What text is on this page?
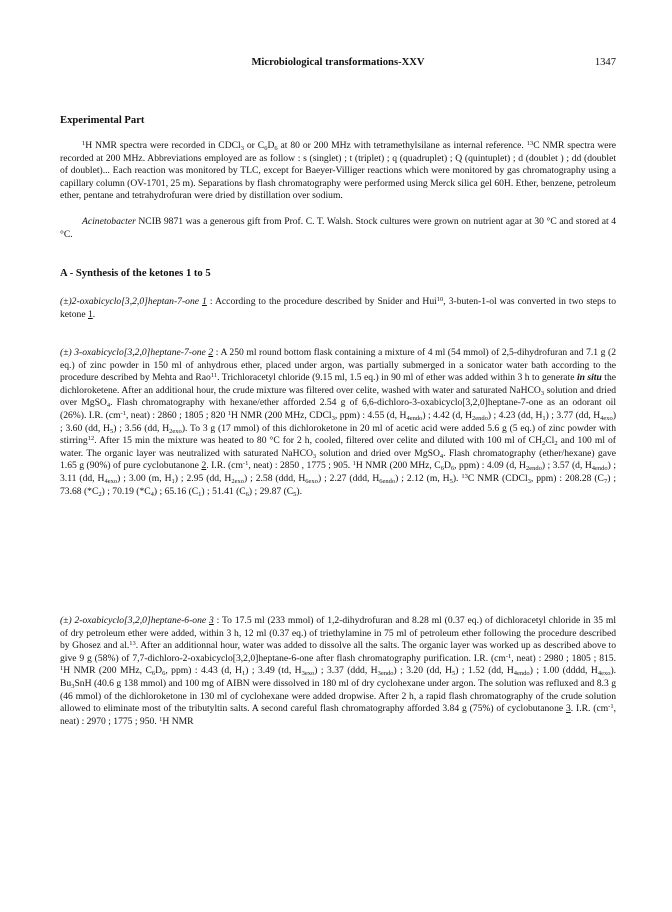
Microbiological transformations-XXV	1347
Experimental Part
$^1$H NMR spectra were recorded in CDCl$_3$ or $C_6D_6$ at 80 or 200 MHz with tetramethylsilane as internal reference. $^{13}$C NMR spectra were recorded at 200 MHz. Abbreviations employed are as follow : s (singlet) ; t (triplet) ; q (quadruplet) ; Q (quintuplet) ; d (doublet ) ; dd (doublet of doublet)... Each reaction was monitored by TLC, except for Baeyer-Villiger reactions which were monitored by gas chromatography using a capillary column (OV-1701, 25 m). Separations by flash chromatography were performed using Merck silica gel 60H. Ether, benzene, petroleum ether, pentane and tetrahydrofuran were dried by distillation over sodium.
Acinetobacter NCIB 9871 was a generous gift from Prof. C. T. Walsh. Stock cultures were grown on nutrient agar at 30 °C and stored at 4 °C.
A - Synthesis of the ketones 1 to 5
(±)2-oxabicyclo[3,2,0]heptan-7-one 1 : According to the procedure described by Snider and Hui$^{10}$, 3-buten-1-ol was converted in two steps to ketone 1.
(±) 3-oxabicyclo[3,2,0]heptane-7-one 2 : A 250 ml round bottom flask containing a mixture of 4 ml (54 mmol) of 2,5-dihydrofuran and 7.1 g (2 eq.) of zinc powder in 150 ml of anhydrous ether, placed under argon, was partially submerged in a sonicator water bath according to the procedure described by Mehta and Rao$^{11}$. Trichloracetyl chloride (9.15 ml, 1.5 eq.) in 90 ml of ether was added within 3 h to generate in situ the dichloroketene. After an additional hour, the crude mixture was filtered over celite, washed with water and saturated NaHCO$_3$ solution and dried over MgSO$_4$. Flash chromatography with hexane/ether afforded 2.54 g of 6,6-dichloro-3-oxabicyclo[3,2,0]heptane-7-one as an odorant oil (26%). I.R. ($cm^{-1}$, neat) : 2860 ; 1805 ; 820 $^1$H NMR (200 MHz, CDCl$_3$, ppm) : 4.55 (d, $H_{4endo}$) ; 4.42 (d, $H_{2endo}$) ; 4.23 (dd, $H_1$) ; 3.77 (dd, $H_{4exo}$) ; 3.60 (dd, $H_5$) ; 3.56 (dd, $H_{2exo}$). To 3 g (17 mmol) of this dichloroketone in 20 ml of acetic acid were added 5.6 g (5 eq.) of zinc powder with stirring$^{12}$. After 15 min the mixture was heated to 80 °C for 2 h, cooled, filtered over celite and diluted with 100 ml of $CH_2Cl_2$ and 100 ml of water. The organic layer was neutralized with saturated NaHCO$_3$ solution and dried over MgSO$_4$. Flash chromatography (ether/hexane) gave 1.65 g (90%) of pure cyclobutanone 2. I.R. ($cm^{-1}$, neat) : 2850 , 1775 ; 905. $^1$H NMR (200 MHz, $C_6D_6$, ppm) : 4.09 (d, $H_{2endo}$) ; 3.57 (d, $H_{4endo}$) ; 3.11 (dd, $H_{4exo}$) ; 3.00 (m, $H_1$) ; 2.95 (dd, $H_{2exo}$) ; 2.58 (ddd, $H_{6exo}$) ; 2.27 (ddd, $H_{6endo}$) ; 2.12 (m, $H_5$). $^{13}$C NMR (CDCl$_3$, ppm) : 208.28 $(C_7)$ ; 73.68 $(*C_2)$ ; 70.19 $(*C_4)$ ; 65.16 $(C_1)$ ; 51.41 $(C_6)$ ; 29.87 $(C_5)$.
(±) 2-oxabicyclo[3,2,0]heptane-6-one 3 : To 17.5 ml (233 mmol) of 1,2-dihydrofuran and 8.28 ml (0.37 eq.) of dichloracetyl chloride in 35 ml of dry petroleum ether were added, within 3 h, 12 ml (0.37 eq.) of triethylamine in 75 ml of petroleum ether following the procedure described by Ghosez and al.$^{13}$. After an additionnal hour, water was added to dissolve all the salts. The organic layer was worked up as described above to give 9 g (58%) of 7,7-dichloro-2-oxabicyclo[3,2,0]heptane-6-one after flash chromatography purification. I.R. ($cm^{-1}$, neat) : 2980 ; 1805 ; 815. $^1$H NMR (200 MHz, $C_6D_6$, ppm) : 4.43 (d, $H_1$) ; 3.49 (td, $H_{3exo}$) ; 3.37 (ddd, $H_{3endo}$) ; 3.20 (dd, $H_5$) ; 1.52 (dd, $H_{4endo}$) ; 1.00 (dddd, $H_{4exo}$). $Bu_3SnH$ (40.6 g 138 mmol) and 100 mg of AIBN were dissolved in 180 ml of dry cyclohexane under argon. The solution was refluxed and 8.3 g (46 mmol) of the dichloroketone in 130 ml of cyclohexane were added dropwise. After 2 h, a rapid flash chromatography of the crude solution allowed to eliminate most of the tributyltin salts. A second careful flash chromatography afforded 3.84 g (75%) of cyclobutanone 3. I.R. ($cm^{-1}$, neat) : 2970 ; 1775 ; 950. $^1$H NMR
